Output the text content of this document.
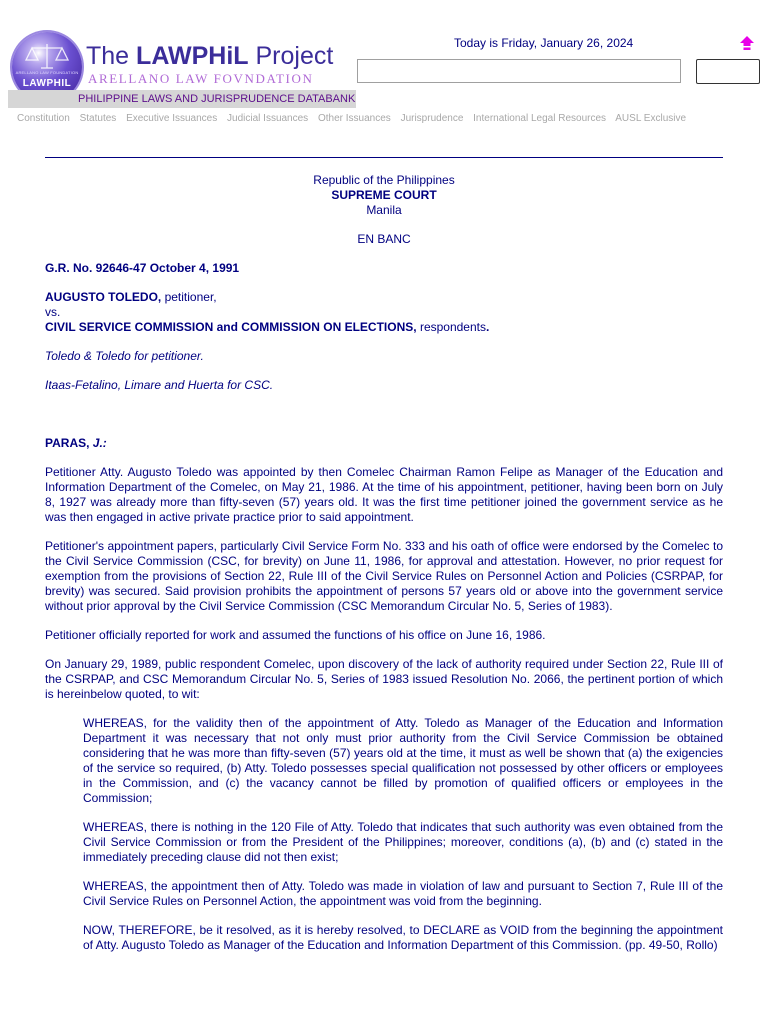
ARELLANO LAW FOUNDATION
LAWPHIL
The LAWPHiL Project
ARELLANO LAW FOVNDATION
PHILIPPINE LAWS AND JURISPRUDENCE DATABANK
Today is Friday, January 26, 2024
Constitution Statutes Executive Issuances Judicial Issuances Other Issuances Jurisprudence International Legal Resources AUSL Exclusive
Republic of the Philippines
SUPREME COURT
Manila
EN BANC
G.R. No. 92646-47 October 4, 1991
AUGUSTO TOLEDO, petitioner,
vs.
CIVIL SERVICE COMMISSION and COMMISSION ON ELECTIONS, respondents.
Toledo & Toledo for petitioner.
Itaas-Fetalino, Limare and Huerta for CSC.
PARAS, J.:

Petitioner Atty. Augusto Toledo was appointed by then Comelec Chairman Ramon Felipe as Manager of the Education and Information Department of the Comelec, on May 21, 1986. At the time of his appointment, petitioner, having been born on July 8, 1927 was already more than fifty-seven (57) years old. It was the first time petitioner joined the government service as he was then engaged in active private practice prior to said appointment.

Petitioner's appointment papers, particularly Civil Service Form No. 333 and his oath of office were endorsed by the Comelec to the Civil Service Commission (CSC, for brevity) on June 11, 1986, for approval and attestation. However, no prior request for exemption from the provisions of Section 22, Rule III of the Civil Service Rules on Personnel Action and Policies (CSRPAP, for brevity) was secured. Said provision prohibits the appointment of persons 57 years old or above into the government service without prior approval by the Civil Service Commission (CSC Memorandum Circular No. 5, Series of 1983).

Petitioner officially reported for work and assumed the functions of his office on June 16, 1986.

On January 29, 1989, public respondent Comelec, upon discovery of the lack of authority required under Section 22, Rule III of the CSRPAP, and CSC Memorandum Circular No. 5, Series of 1983 issued Resolution No. 2066, the pertinent portion of which is hereinbelow quoted, to wit:

WHEREAS, for the validity then of the appointment of Atty. Toledo as Manager of the Education and Information Department it was necessary that not only must prior authority from the Civil Service Commission be obtained considering that he was more than fifty-seven (57) years old at the time, it must as well be shown that (a) the exigencies of the service so required, (b) Atty. Toledo possesses special qualification not possessed by other officers or employees in the Commission, and (c) the vacancy cannot be filled by promotion of qualified officers or employees in the Commission;

WHEREAS, there is nothing in the 120 File of Atty. Toledo that indicates that such authority was even obtained from the Civil Service Commission or from the President of the Philippines; moreover, conditions (a), (b) and (c) stated in the immediately preceding clause did not then exist;

WHEREAS, the appointment then of Atty. Toledo was made in violation of law and pursuant to Section 7, Rule III of the Civil Service Rules on Personnel Action, the appointment was void from the beginning.

NOW, THEREFORE, be it resolved, as it is hereby resolved, to DECLARE as VOID from the beginning the appointment of Atty. Augusto Toledo as Manager of the Education and Information Department of this Commission. (pp. 49-50, Rollo)
